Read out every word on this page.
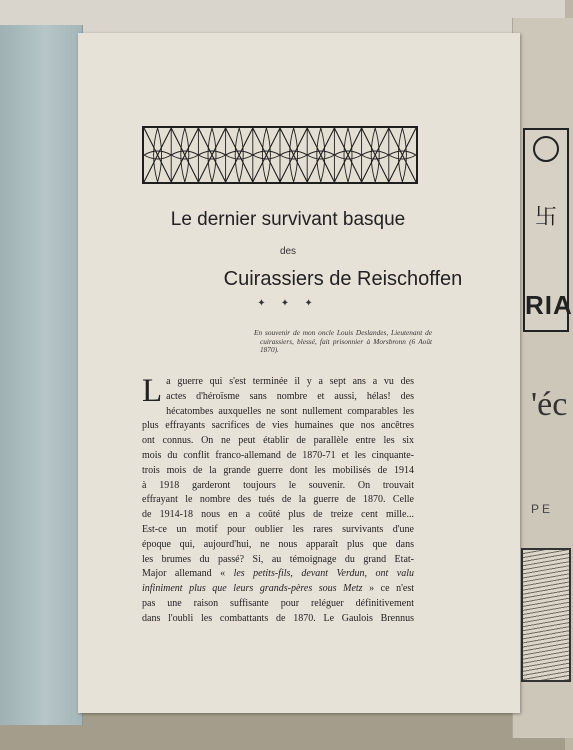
卐
RIA
'éc
PE
Le dernier survivant basque
des
Cuirassiers de Reischoffen
✦ ✦ ✦
En souvenir de mon oncle Louis Deslandes, Lieutenant de cuirassiers, blessé, fait prisonnier à Morsbronn (6 Août 1870).
L a guerre qui s'est terminée il y a sept ans a vu des
actes d'héroïsme sans nombre et aussi, hélas! des
hécatombes auxquelles ne sont nullement comparables les
plus effrayants sacrifices de vies humaines que nos ancêtres
ont connus. On ne peut établir de parallèle entre les six
mois du conflit franco-allemand de 1870-71 et les cinquante-
trois mois de la grande guerre dont les mobilisés de 1914
à 1918 garderont toujours le souvenir. On trouvait
effrayant le nombre des tués de la guerre de 1870. Celle
de 1914-18 nous en a coûté plus de treize cent mille...
Est-ce un motif pour oublier les rares survivants d'une
époque qui, aujourd'hui, ne nous apparaît plus que dans
les brumes du passé? Si, au témoignage du grand Etat-
Major allemand « les petits-fils, devant Verdun, ont valu
infiniment plus que leurs grands-pères sous Metz » ce n'est
pas une raison suffisante pour reléguer définitivement
dans l'oubli les combattants de 1870. Le Gaulois Brennus
